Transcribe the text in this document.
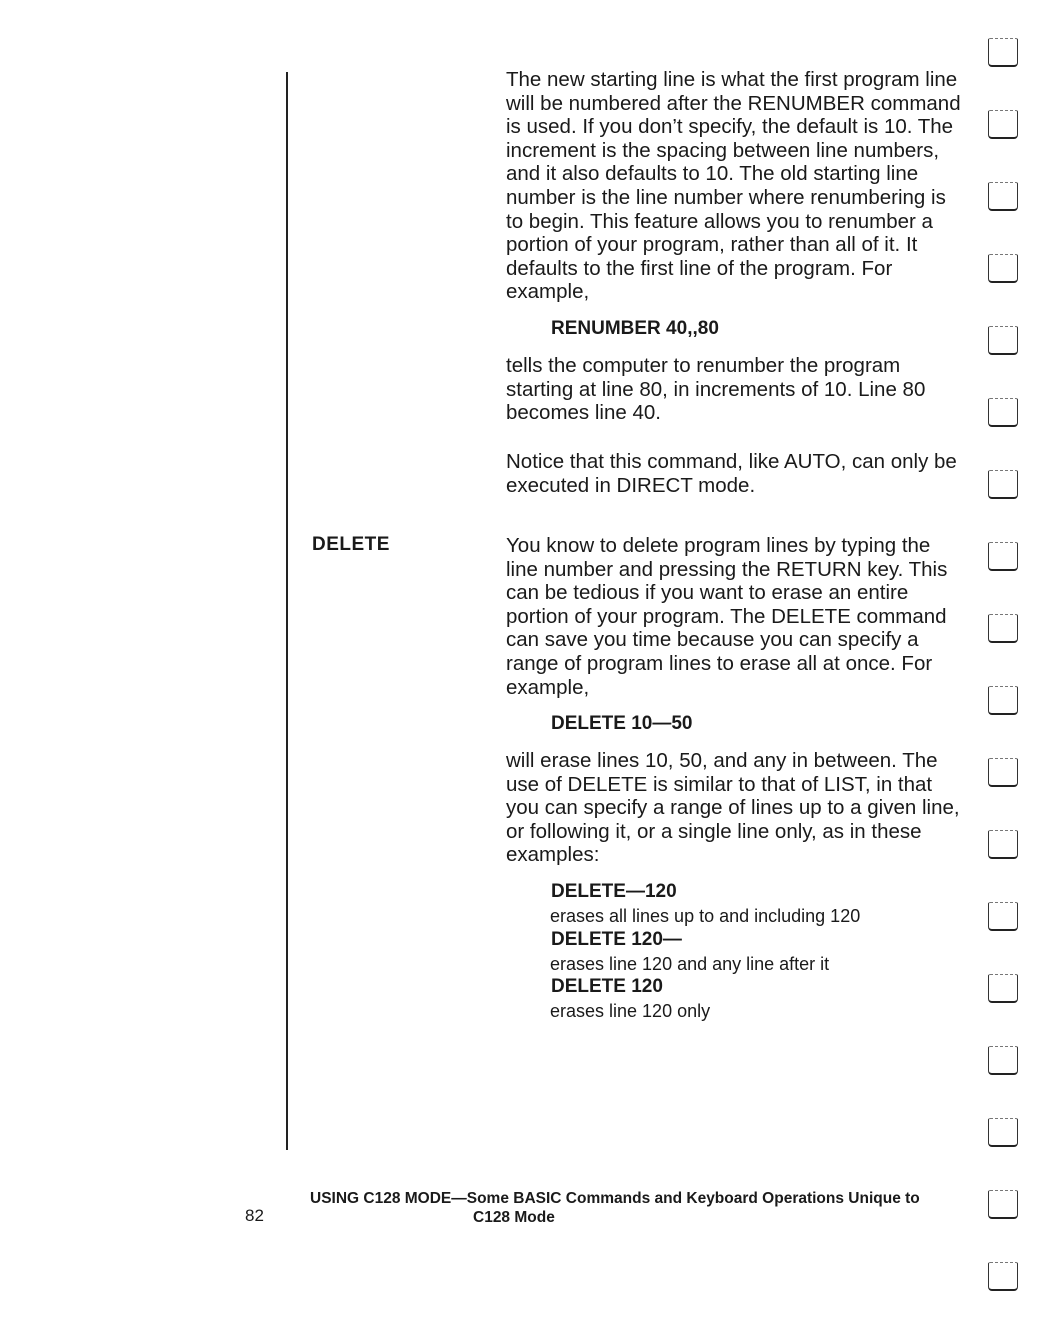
The new starting line is what the first program line will be numbered after the RENUMBER command is used. If you don’t specify, the default is 10. The increment is the spacing between line numbers, and it also defaults to 10. The old starting line number is the line number where renumbering is to begin. This feature allows you to renumber a portion of your program, rather than all of it. It defaults to the first line of the program. For example,
RENUMBER 40,,80
tells the computer to renumber the program starting at line 80, in increments of 10. Line 80 becomes line 40.
Notice that this command, like AUTO, can only be executed in DIRECT mode.
DELETE	You know to delete program lines by typing the line number and pressing the RETURN key. This can be tedious if you want to erase an entire portion of your program. The DELETE command can save you time because you can specify a range of program lines to erase all at once. For example,
DELETE 10—50
will erase lines 10, 50, and any in between. The use of DELETE is similar to that of LIST, in that you can specify a range of lines up to a given line, or following it, or a single line only, as in these examples:
DELETE—120
erases all lines up to and including 120
DELETE 120—
erases line 120 and any line after it
DELETE 120
erases line 120 only
82
USING C128 MODE—Some BASIC Commands and Keyboard Operations Unique to
C128 Mode
